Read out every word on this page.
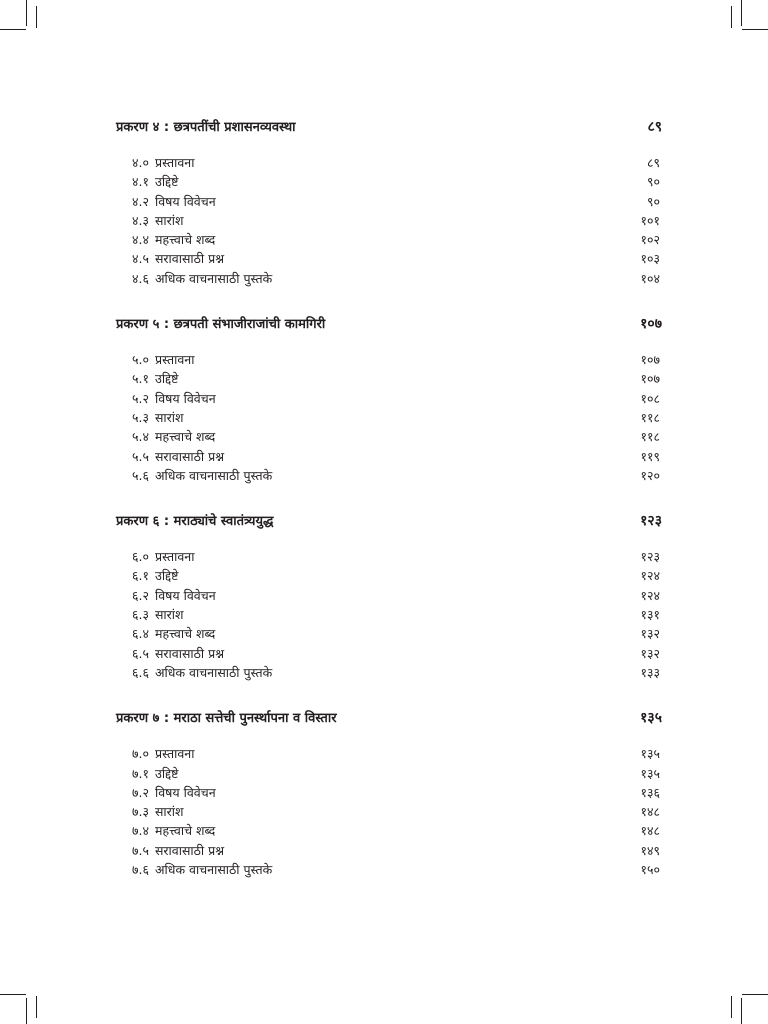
प्रकरण ४ : छत्रपतींची प्रशासनव्यवस्था	८९
४.० प्रस्तावना	८९
४.१ उद्दिष्टे	९०
४.२ विषय विवेचन	९०
४.३ सारांश	१०१
४.४ महत्त्वाचे शब्द	१०२
४.५ सरावासाठी प्रश्न	१०३
४.६ अधिक वाचनासाठी पुस्तके	१०४
प्रकरण ५ : छत्रपती संभाजीराजांची कामगिरी	१०७
५.० प्रस्तावना	१०७
५.१ उद्दिष्टे	१०७
५.२ विषय विवेचन	१०८
५.३ सारांश	११८
५.४ महत्त्वाचे शब्द	११८
५.५ सरावासाठी प्रश्न	११९
५.६ अधिक वाचनासाठी पुस्तके	१२०
प्रकरण ६ : मराठ्यांचे स्वातंत्र्ययुद्ध	१२३
६.० प्रस्तावना	१२३
६.१ उद्दिष्टे	१२४
६.२ विषय विवेचन	१२४
६.३ सारांश	१३१
६.४ महत्त्वाचे शब्द	१३२
६.५ सरावासाठी प्रश्न	१३२
६.६ अधिक वाचनासाठी पुस्तके	१३३
प्रकरण ७ : मराठा सत्तेची पुनर्स्थापना व विस्तार	१३५
७.० प्रस्तावना	१३५
७.१ उद्दिष्टे	१३५
७.२ विषय विवेचन	१३६
७.३ सारांश	१४८
७.४ महत्त्वाचे शब्द	१४८
७.५ सरावासाठी प्रश्न	१४९
७.६ अधिक वाचनासाठी पुस्तके	१५०
